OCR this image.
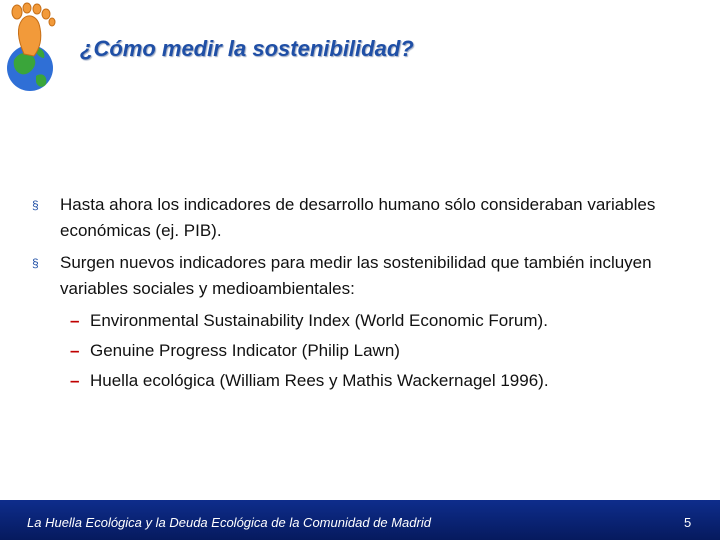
¿Cómo medir la sostenibilidad?
§ Hasta ahora los indicadores de desarrollo humano sólo consideraban variables económicas (ej. PIB).
§ Surgen nuevos indicadores para medir las sostenibilidad que también incluyen variables sociales y medioambientales:
– Environmental Sustainability Index (World Economic Forum).
– Genuine Progress Indicator (Philip Lawn)
– Huella ecológica (William Rees y Mathis Wackernagel 1996).
La Huella Ecológica y la Deuda Ecológica de la Comunidad de Madrid	5
